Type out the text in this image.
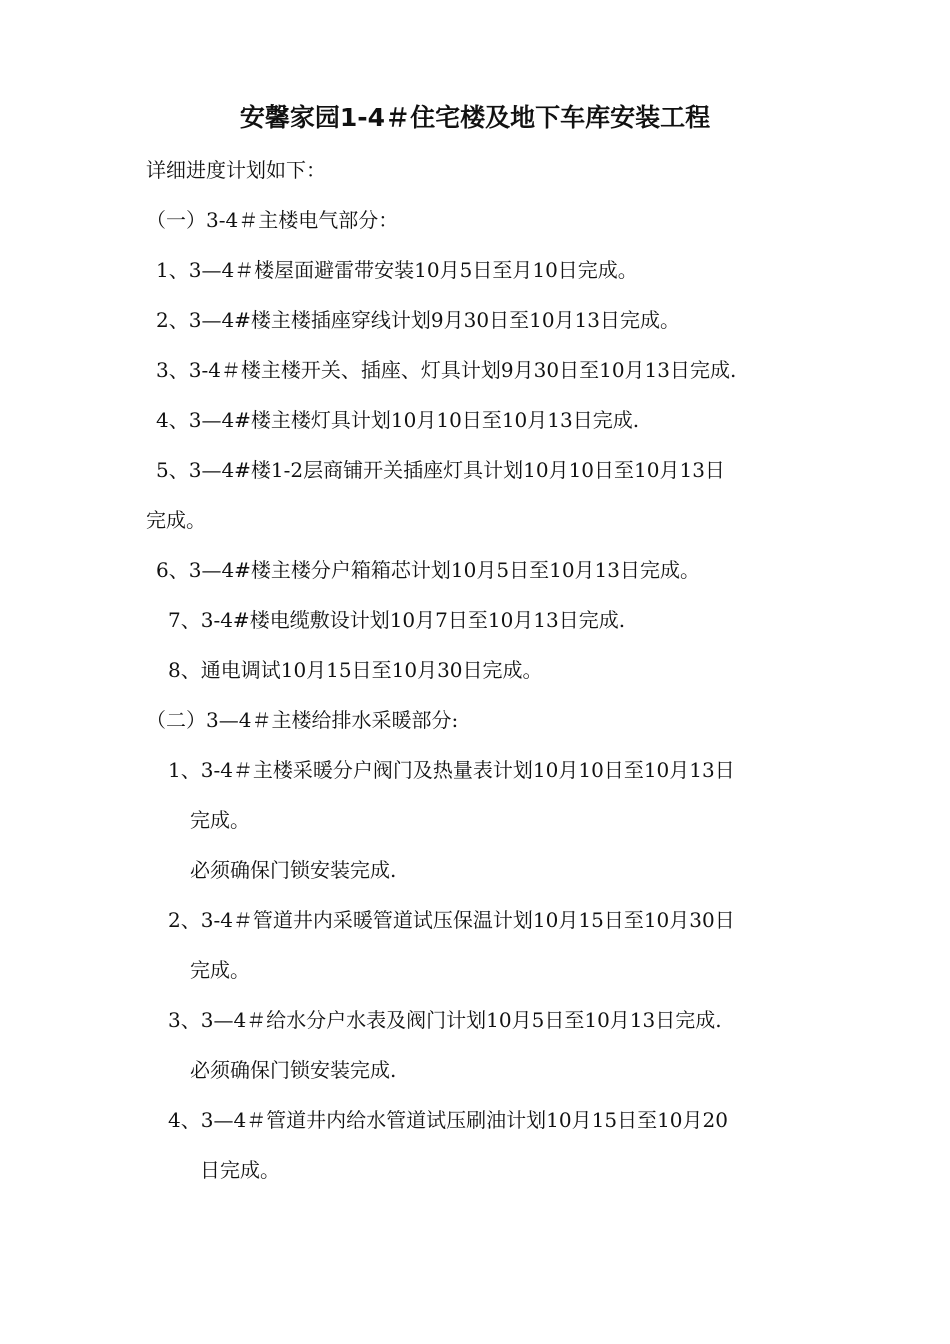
安馨家园1-4＃住宅楼及地下车库安装工程
详细进度计划如下：
（一）3-4＃主楼电气部分：
1、3—4＃楼屋面避雷带安装10月5日至月10日完成。
2、3—4#楼主楼插座穿线计划9月30日至10月13日完成。
3、3-4＃楼主楼开关、插座、灯具计划9月30日至10月13日完成.
4、3—4#楼主楼灯具计划10月10日至10月13日完成.
5、3—4#楼1-2层商铺开关插座灯具计划10月10日至10月13日
完成。
6、3—4#楼主楼分户箱箱芯计划10月5日至10月13日完成。
7、3-4#楼电缆敷设计划10月7日至10月13日完成.
8、通电调试10月15日至10月30日完成。
（二）3—4＃主楼给排水采暖部分:
1、3-4＃主楼采暖分户阀门及热量表计划10月10日至10月13日
完成。
必须确保门锁安装完成.
2、3-4＃管道井内采暖管道试压保温计划10月15日至10月30日
完成。
3、3—4＃给水分户水表及阀门计划10月5日至10月13日完成.
必须确保门锁安装完成.
4、3—4＃管道井内给水管道试压刷油计划10月15日至10月20
日完成。
